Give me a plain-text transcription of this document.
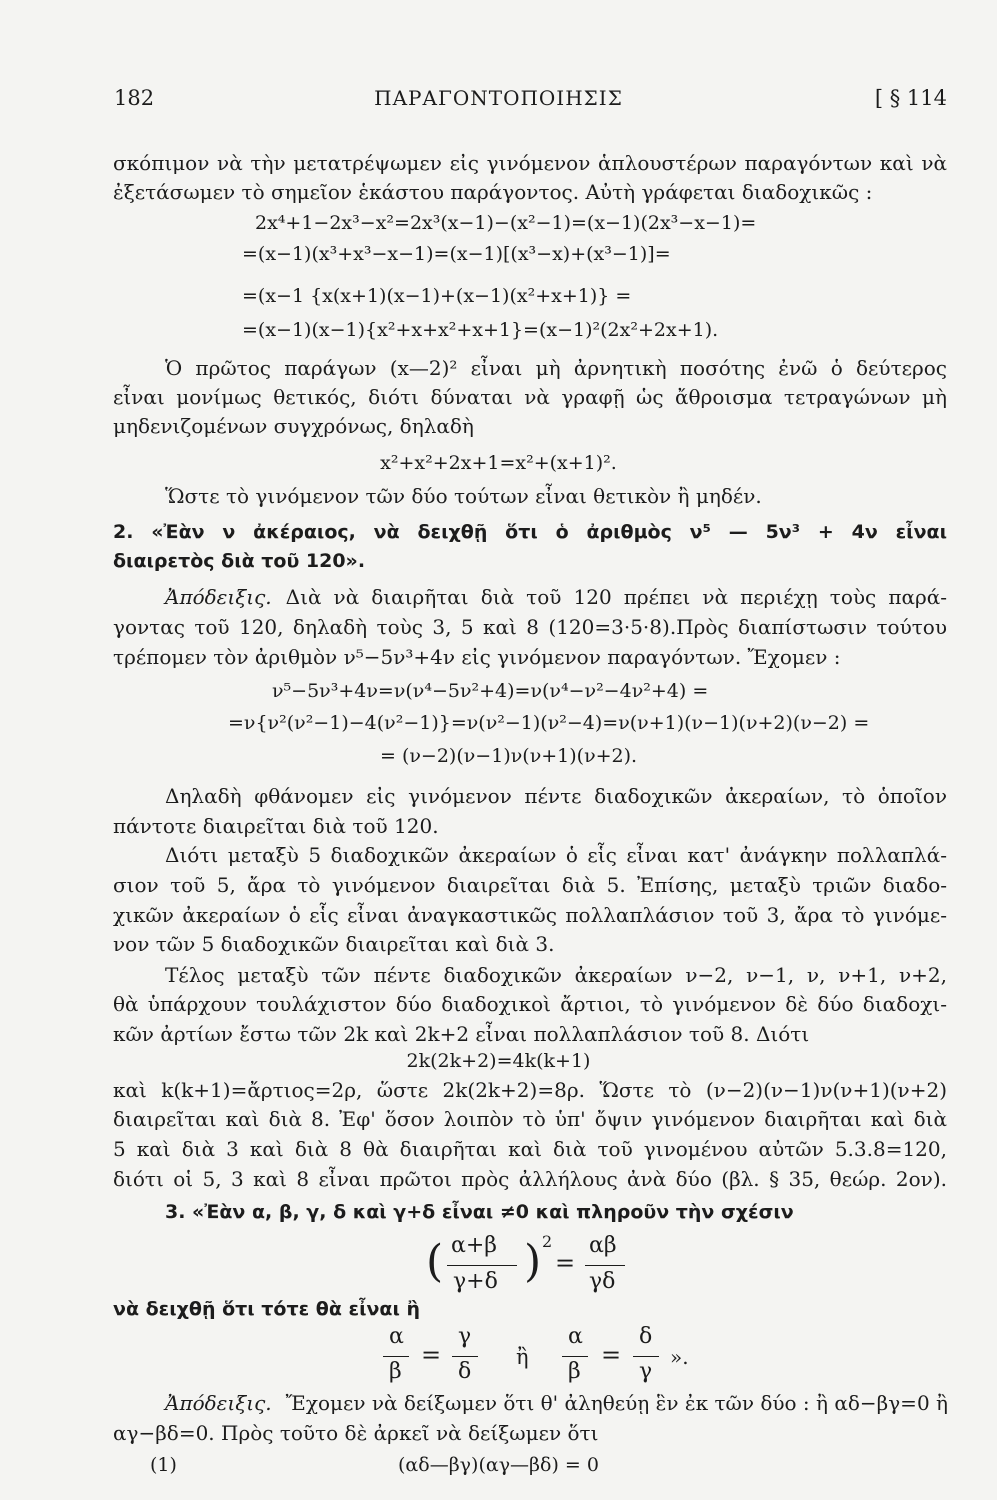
182	ΠΑΡΑΓΟΝΤΟΠΟΙΗΣΙΣ	[ § 114
σκόπιμον νὰ τὴν μετατρέψωμεν εἰς γινόμενον ἁπλουστέρων παραγόντων καὶ νὰ
ἐξετάσωμεν τὸ σημεῖον ἑκάστου παράγοντος. Αὐτὴ γράφεται διαδοχικῶς :
2x⁴+1−2x³−x²=2x³(x−1)−(x²−1)=(x−1)(2x³−x−1)=
=(x−1)(x³+x³−x−1)=(x−1)[(x³−x)+(x³−1)]=
=(x−1 {x(x+1)(x−1)+(x−1)(x²+x+1)} =
=(x−1)(x−1){x²+x+x²+x+1}=(x−1)²(2x²+2x+1).
Ὁ πρῶτος παράγων (x—2)² εἶναι μὴ ἀρνητικὴ ποσότης ἐνῶ ὁ δεύτερος
εἶναι μονίμως θετικός, διότι δύναται νὰ γραφῇ ὡς ἄθροισμα τετραγώνων μὴ
μηδενιζομένων συγχρόνως, δηλαδὴ
x²+x²+2x+1=x²+(x+1)².
Ὥστε τὸ γινόμενον τῶν δύο τούτων εἶναι θετικὸν ἢ μηδέν.
2. «Ἐὰν ν ἀκέραιος, νὰ δειχθῇ ὅτι ὁ ἀριθμὸς ν⁵ — 5ν³ + 4ν εἶναι
διαιρετὸς διὰ τοῦ 120».
Ἀπόδειξις. Διὰ νὰ διαιρῆται διὰ τοῦ 120 πρέπει νὰ περιέχῃ τοὺς παρά-
γοντας τοῦ 120, δηλαδὴ τοὺς 3, 5 καὶ 8 (120=3·5·8).Πρὸς διαπίστωσιν τούτου
τρέπομεν τὸν ἀριθμὸν ν⁵−5ν³+4ν εἰς γινόμενον παραγόντων. Ἔχομεν :
ν⁵−5ν³+4ν=ν(ν⁴−5ν²+4)=ν(ν⁴−ν²−4ν²+4) =
=ν{ν²(ν²−1)−4(ν²−1)}=ν(ν²−1)(ν²−4)=ν(ν+1)(ν−1)(ν+2)(ν−2) =
= (ν−2)(ν−1)ν(ν+1)(ν+2).
Δηλαδὴ φθάνομεν εἰς γινόμενον πέντε διαδοχικῶν ἀκεραίων, τὸ ὁποῖον
πάντοτε διαιρεῖται διὰ τοῦ 120.
Διότι μεταξὺ 5 διαδοχικῶν ἀκεραίων ὁ εἷς εἶναι κατ' ἀνάγκην πολλαπλά-
σιον τοῦ 5, ἄρα τὸ γινόμενον διαιρεῖται διὰ 5. Ἐπίσης, μεταξὺ τριῶν διαδο-
χικῶν ἀκεραίων ὁ εἷς εἶναι ἀναγκαστικῶς πολλαπλάσιον τοῦ 3, ἄρα τὸ γινόμε-
νον τῶν 5 διαδοχικῶν διαιρεῖται καὶ διὰ 3.
Τέλος μεταξὺ τῶν πέντε διαδοχικῶν ἀκεραίων ν−2, ν−1, ν, ν+1, ν+2,
θὰ ὑπάρχουν τουλάχιστον δύο διαδοχικοὶ ἄρτιοι, τὸ γινόμενον δὲ δύο διαδοχι-
κῶν ἀρτίων ἔστω τῶν 2k καὶ 2k+2 εἶναι πολλαπλάσιον τοῦ 8. Διότι
2k(2k+2)=4k(k+1)
καὶ k(k+1)=ἄρτιος=2ρ, ὥστε 2k(2k+2)=8ρ. Ὥστε τὸ (ν−2)(ν−1)ν(ν+1)(ν+2)
διαιρεῖται καὶ διὰ 8. Ἐφ' ὅσον λοιπὸν τὸ ὑπ' ὄψιν γινόμενον διαιρῆται καὶ διὰ
5 καὶ διὰ 3 καὶ διὰ 8 θὰ διαιρῆται καὶ διὰ τοῦ γινομένου αὐτῶν 5.3.8=120,
διότι οἱ 5, 3 καὶ 8 εἶναι πρῶτοι πρὸς ἀλλήλους ἀνὰ δύο (βλ. § 35, θεώρ. 2ον).
3. «Ἐὰν α, β, γ, δ καὶ γ+δ εἶναι ≠0 καὶ πληροῦν τὴν σχέσιν
( α+β
γ+δ ) 2
=
αβ
γδ
νὰ δειχθῇ ὅτι τότε θὰ εἶναι ἢ
α
β
=
γ
δ
ἢ
α
β
=
δ
γ
».
Ἀπόδειξις. Ἔχομεν νὰ δείξωμεν ὅτι θ' ἀληθεύῃ ἓν ἐκ τῶν δύο : ἢ αδ−βγ=0 ἢ
αγ−βδ=0. Πρὸς τοῦτο δὲ ἀρκεῖ νὰ δείξωμεν ὅτι
(1)	(αδ—βγ)(αγ—βδ) = 0
